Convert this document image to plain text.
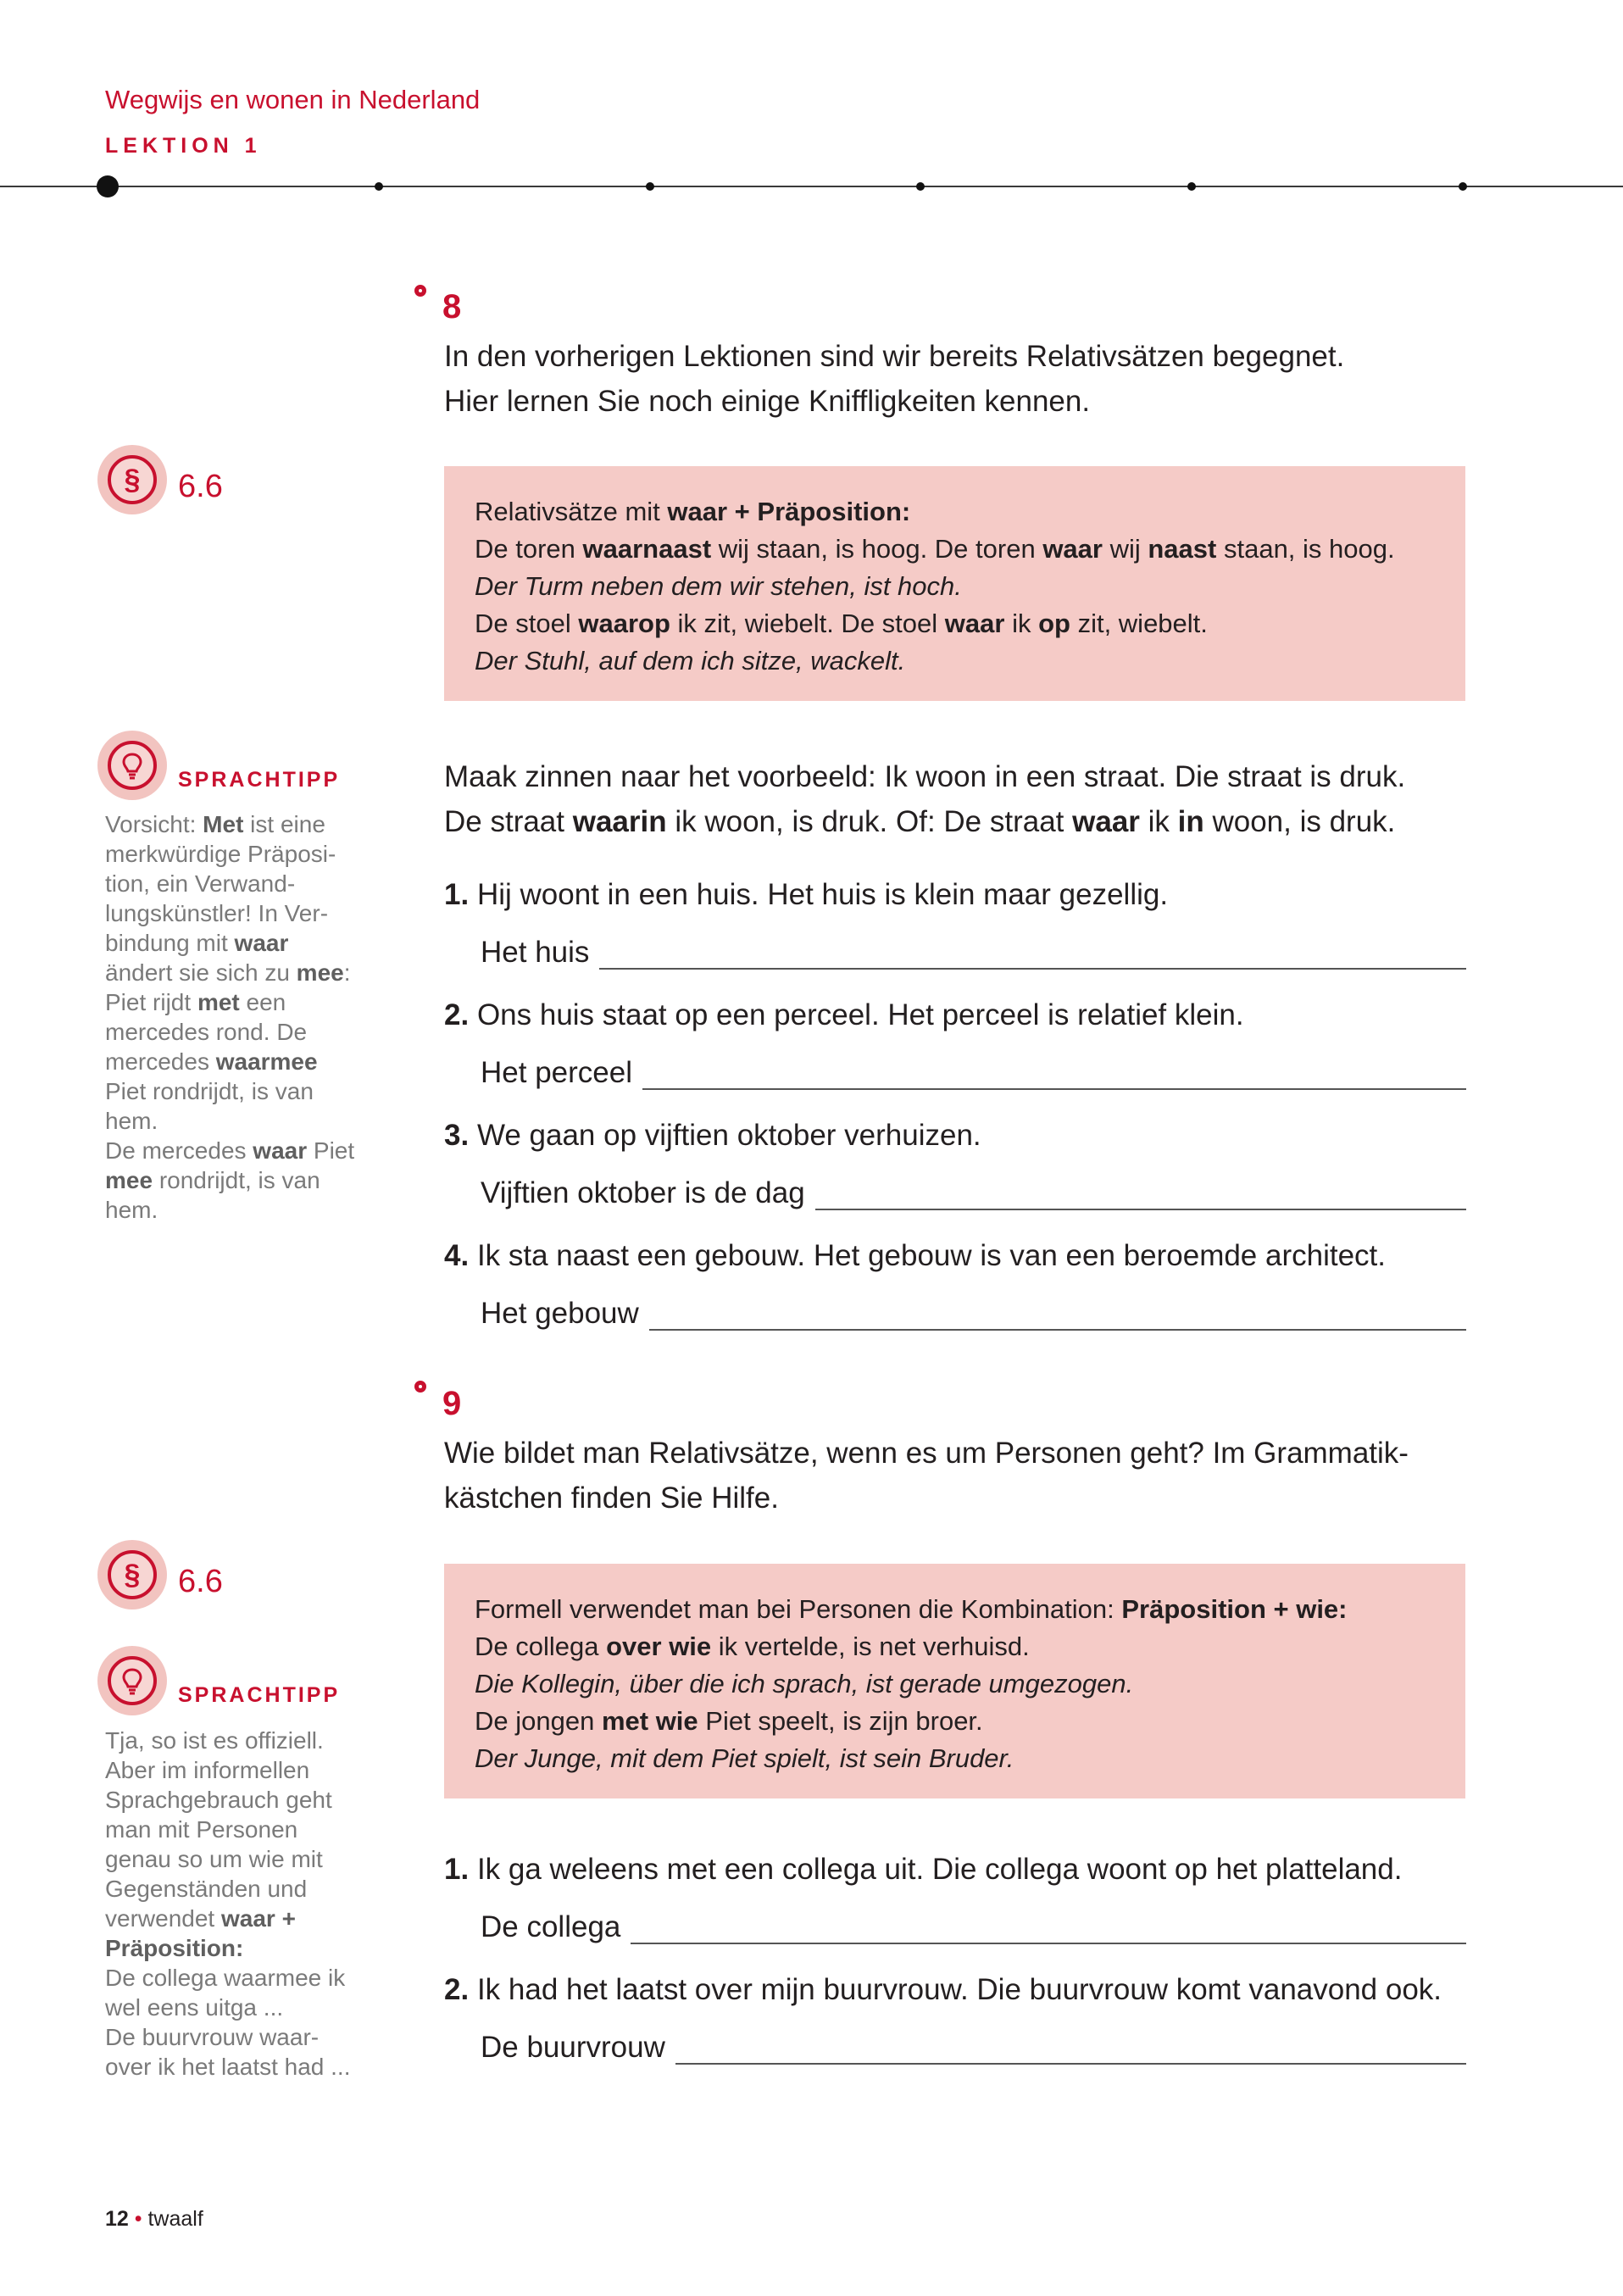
Wegwijs en wonen in Nederland
LEKTION 1
8
In den vorherigen Lektionen sind wir bereits Relativsätzen begegnet.
Hier lernen Sie noch einige Kniffligkeiten kennen.
§	6.6
Relativsätze mit waar + Präposition:
De toren waarnaast wij staan, is hoog. De toren waar wij naast staan, is hoog.
Der Turm neben dem wir stehen, ist hoch.
De stoel waarop ik zit, wiebelt. De stoel waar ik op zit, wiebelt.
Der Stuhl, auf dem ich sitze, wackelt.
SPRACHTIPP
Vorsicht: Met ist eine merkwürdige Präposi-tion, ein Verwand-lungskünstler! In Ver-bindung mit waar ändert sie sich zu mee: Piet rijdt met een mercedes rond. De mercedes waarmee Piet rondrijdt, is van hem.
De mercedes waar Piet mee rondrijdt, is van hem.
Maak zinnen naar het voorbeeld: Ik woon in een straat. Die straat is druk.
De straat waarin ik woon, is druk. Of: De straat waar ik in woon, is druk.
1. Hij woont in een huis. Het huis is klein maar gezellig.
Het huis
2. Ons huis staat op een perceel. Het perceel is relatief klein.
Het perceel
3. We gaan op vijftien oktober verhuizen.
Vijftien oktober is de dag
4. Ik sta naast een gebouw. Het gebouw is van een beroemde architect.
Het gebouw
9
Wie bildet man Relativsätze, wenn es um Personen geht? Im Grammatik-
kästchen finden Sie Hilfe.
§	6.6
SPRACHTIPP
Tja, so ist es offiziell. Aber im informellen Sprachgebrauch geht man mit Personen genau so um wie mit Gegenständen und verwendet waar +
Präposition:
De collega waarmee ik wel eens uitga ...
De buurvrouw waar-over ik het laatst had ...
Formell verwendet man bei Personen die Kombination: Präposition + wie:
De collega over wie ik vertelde, is net verhuisd.
Die Kollegin, über die ich sprach, ist gerade umgezogen.
De jongen met wie Piet speelt, is zijn broer.
Der Junge, mit dem Piet spielt, ist sein Bruder.
1. Ik ga weleens met een collega uit. Die collega woont op het platteland.
De collega
2. Ik had het laatst over mijn buurvrouw. Die buurvrouw komt vanavond ook.
De buurvrouw
12 • twaalf
